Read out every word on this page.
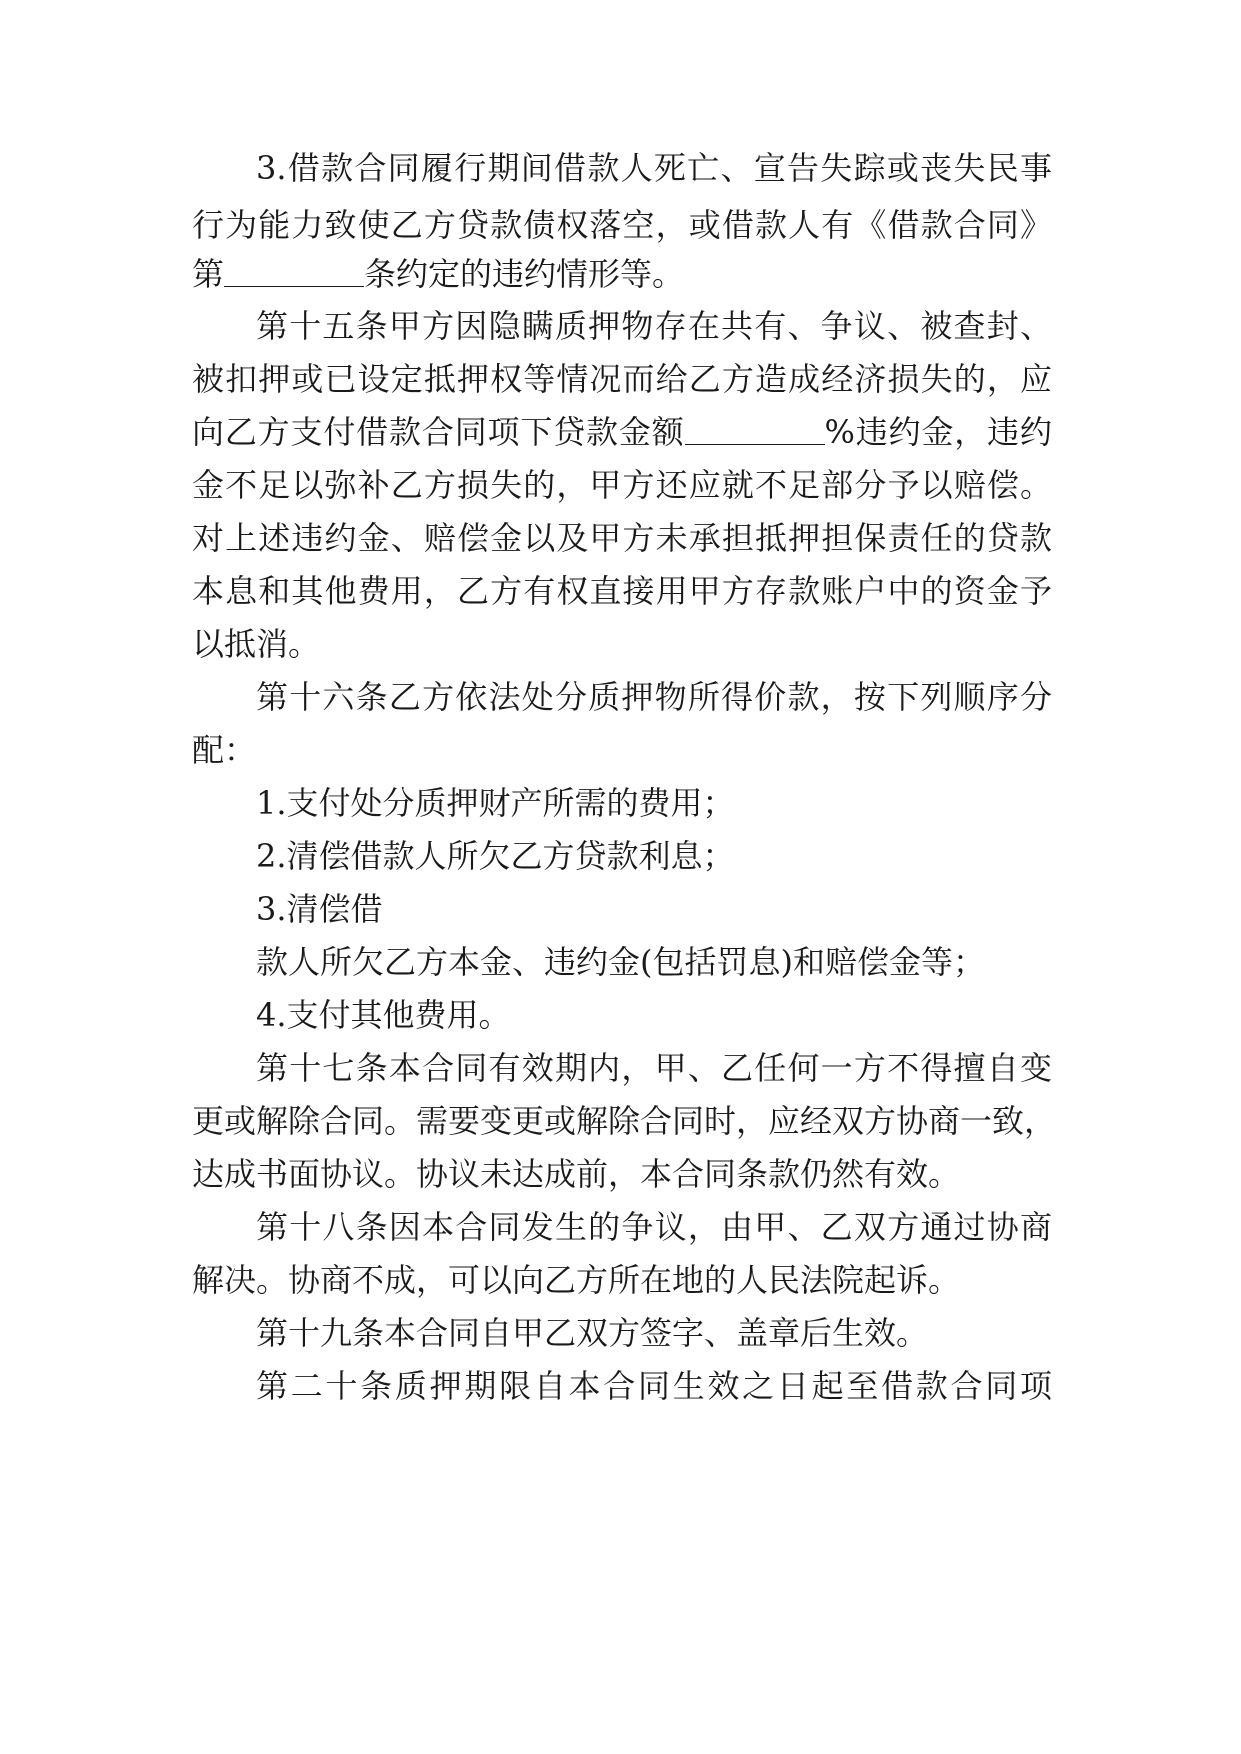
3.借款合同履行期间借款人死亡、宣告失踪或丧失民事
行为能力致使乙方贷款债权落空，或借款人有《借款合同》
第	条约定的违约情形等。
第十五条甲方因隐瞒质押物存在共有、争议、被查封、
被扣押或已设定抵押权等情况而给乙方造成经济损失的，应
向乙方支付借款合同项下贷款金额	%违约金，违约
金不足以弥补乙方损失的，甲方还应就不足部分予以赔偿。
对上述违约金、赔偿金以及甲方未承担抵押担保责任的贷款
本息和其他费用，乙方有权直接用甲方存款账户中的资金予
以抵消。
第十六条乙方依法处分质押物所得价款，按下列顺序分
配：
1.支付处分质押财产所需的费用；
2.清偿借款人所欠乙方贷款利息；
3.清偿借
款人所欠乙方本金、违约金(包括罚息)和赔偿金等；
4.支付其他费用。
第十七条本合同有效期内，甲、乙任何一方不得擅自变
更或解除合同。需要变更或解除合同时，应经双方协商一致，
达成书面协议。协议未达成前，本合同条款仍然有效。
第十八条因本合同发生的争议，由甲、乙双方通过协商
解决。协商不成，可以向乙方所在地的人民法院起诉。
第十九条本合同自甲乙双方签字、盖章后生效。
第二十条质押期限自本合同生效之日起至借款合同项
